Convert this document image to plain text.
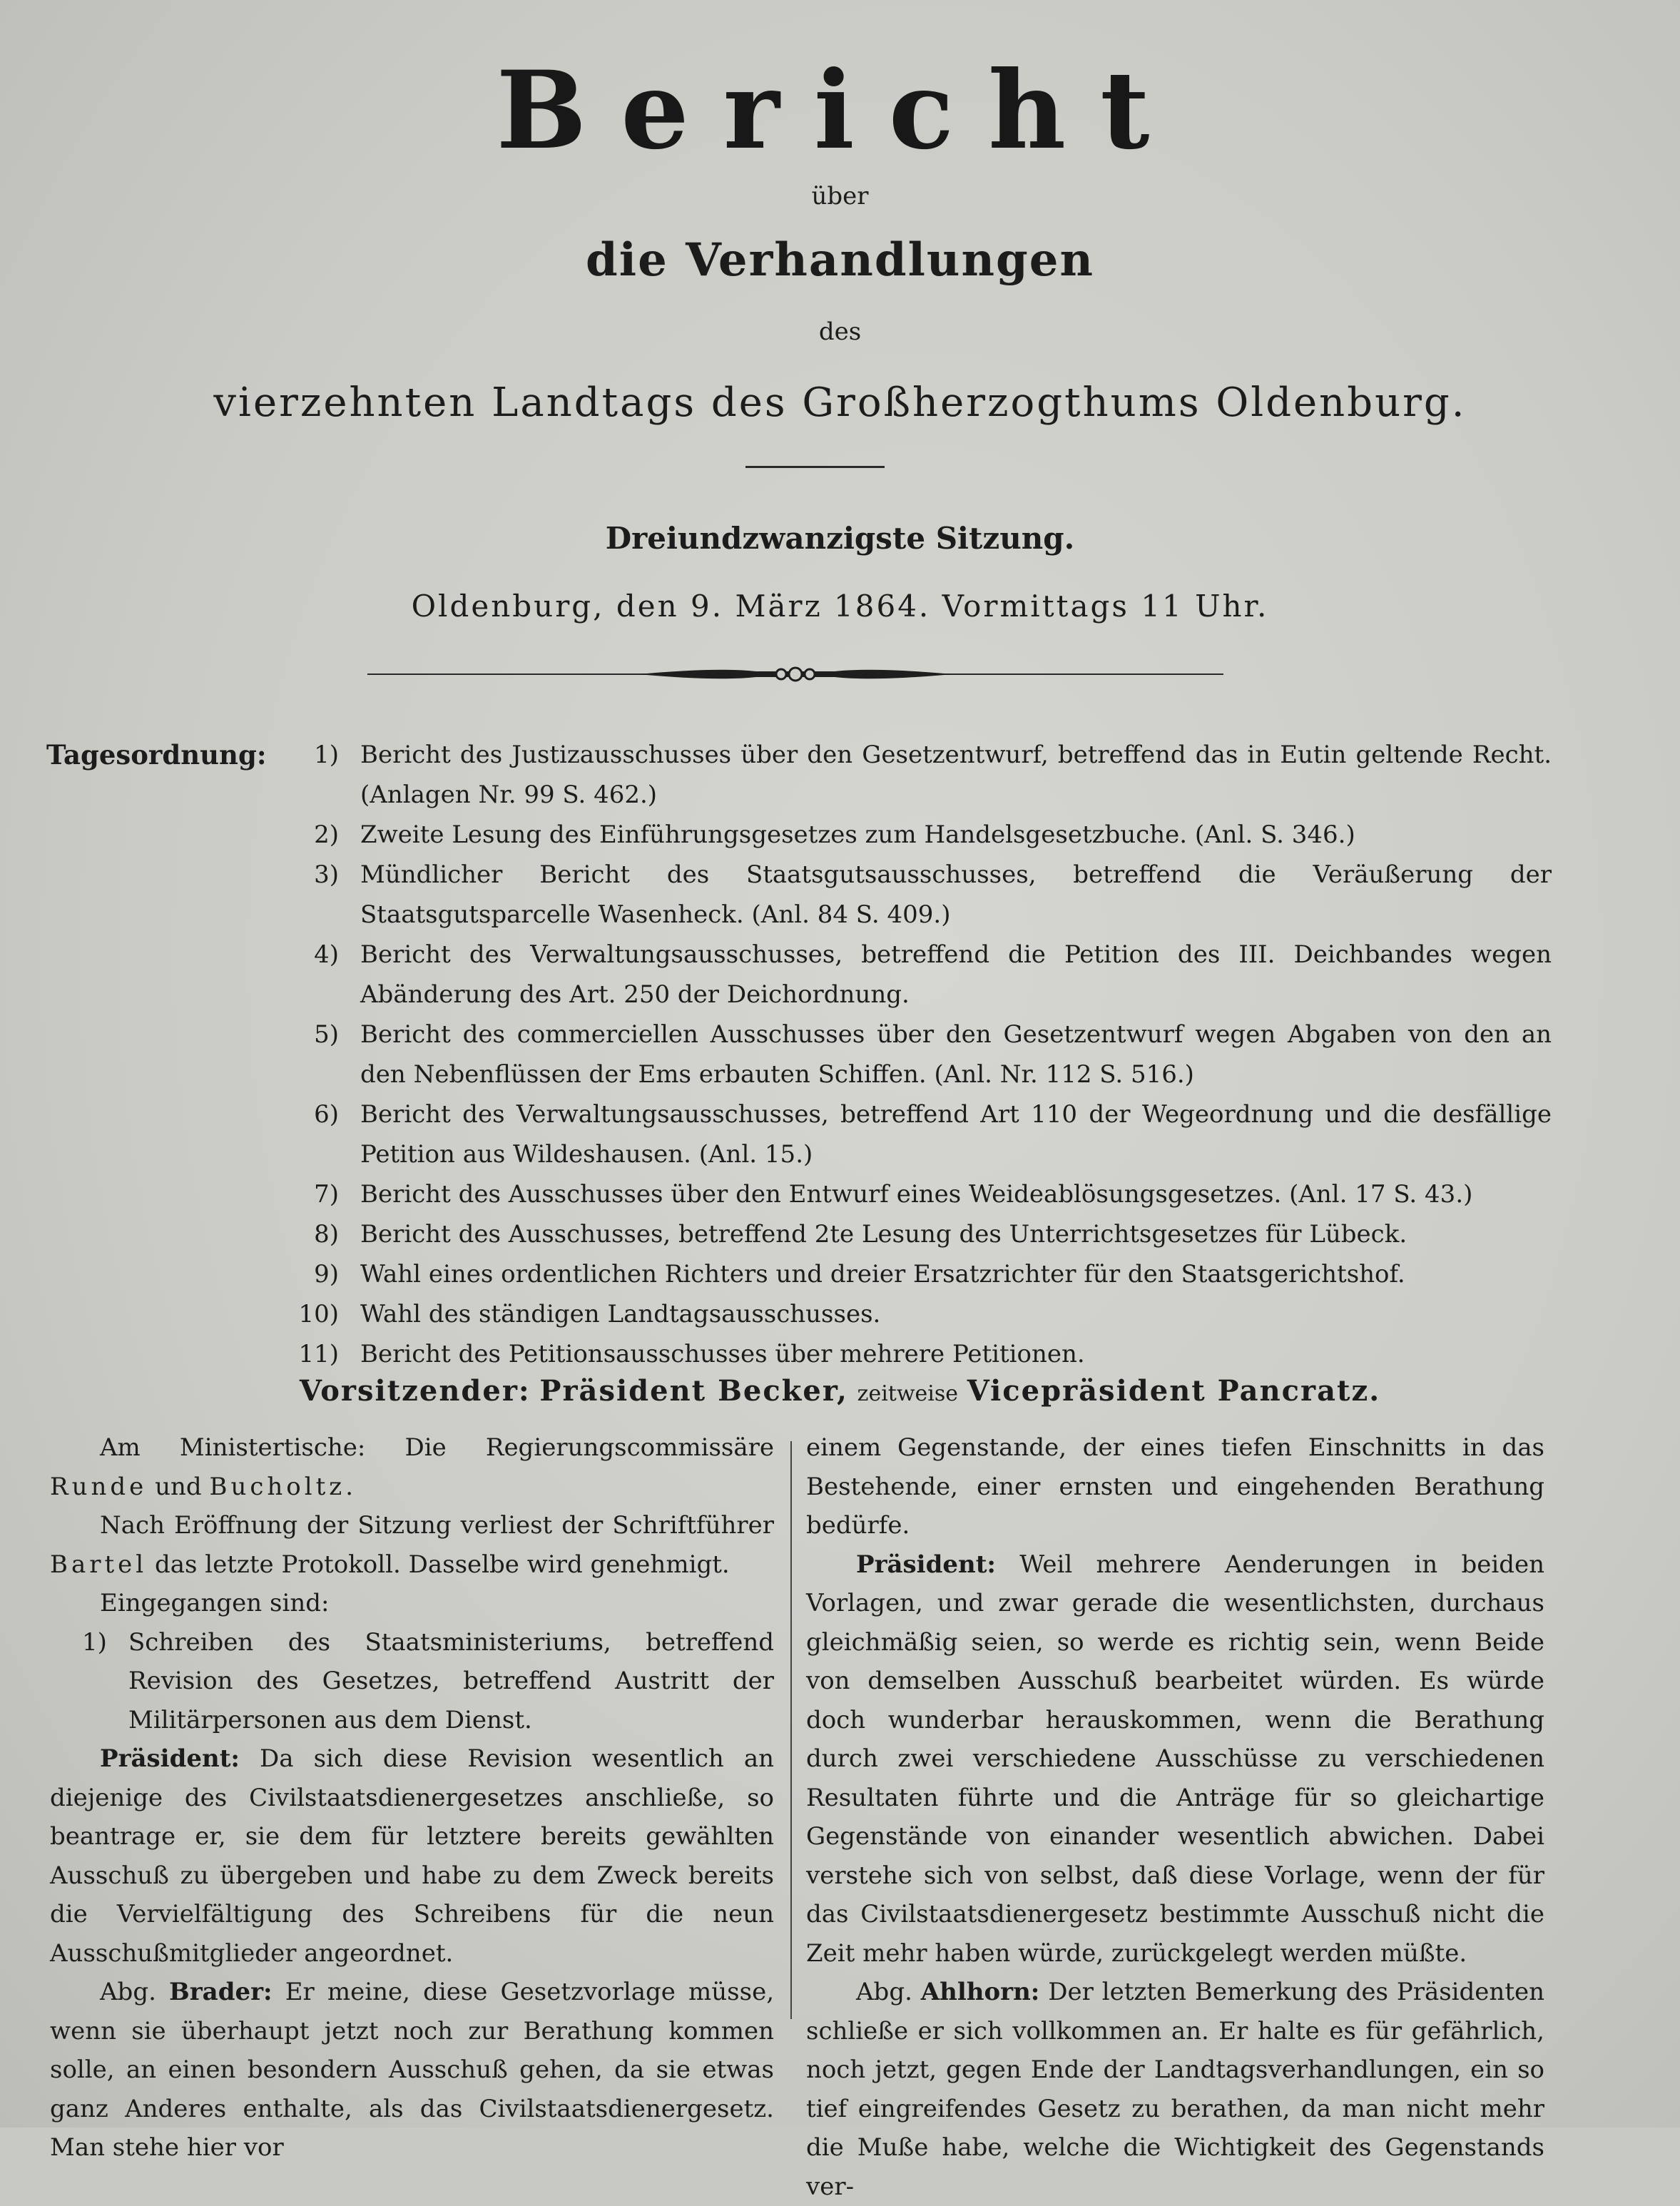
Bericht
über
die Verhandlungen
des
vierzehnten Landtags des Großherzogthums Oldenburg.
Dreiundzwanzigste Sitzung.
Oldenburg, den 9. März 1864. Vormittags 11 Uhr.
Tagesordnung:	1) Bericht des Justizausschusses über den Gesetzentwurf, betreffend das in Eutin geltende Recht. (Anlagen Nr. 99 S. 462.)
2) Zweite Lesung des Einführungsgesetzes zum Handelsgesetzbuche. (Anl. S. 346.)
3) Mündlicher Bericht des Staatsgutsausschusses, betreffend die Veräußerung der Staatsgutsparcelle Wasenheck. (Anl. 84 S. 409.)
4) Bericht des Verwaltungsausschusses, betreffend die Petition des III. Deichbandes wegen Abänderung des Art. 250 der Deichordnung.
5) Bericht des commerciellen Ausschusses über den Gesetzentwurf wegen Abgaben von den an den Nebenflüssen der Ems erbauten Schiffen. (Anl. Nr. 112 S. 516.)
6) Bericht des Verwaltungsausschusses, betreffend Art 110 der Wegeordnung und die desfällige Petition aus Wildeshausen. (Anl. 15.)
7) Bericht des Ausschusses über den Entwurf eines Weideablösungsgesetzes. (Anl. 17 S. 43.)
8) Bericht des Ausschusses, betreffend 2te Lesung des Unterrichtsgesetzes für Lübeck.
9) Wahl eines ordentlichen Richters und dreier Ersatzrichter für den Staatsgerichtshof.
10) Wahl des ständigen Landtagsausschusses.
11) Bericht des Petitionsausschusses über mehrere Petitionen.
Vorsitzender: Präsident Becker, zeitweise Vicepräsident Pancratz.

Am Ministertische: Die Regierungscommissäre Runde und Bucholtz.

Nach Eröffnung der Sitzung verliest der Schriftführer Bartel das letzte Protokoll. Dasselbe wird genehmigt.

Eingegangen sind:

1) Schreiben des Staatsministeriums, betreffend Revision des Gesetzes, betreffend Austritt der Militärpersonen aus dem Dienst.

Präsident: Da sich diese Revision wesentlich an diejenige des Civilstaatsdienergesetzes anschließe, so beantrage er, sie dem für letztere bereits gewählten Ausschuß zu übergeben und habe zu dem Zweck bereits die Vervielfältigung des Schreibens für die neun Ausschußmitglieder angeordnet.

Abg. Brader: Er meine, diese Gesetzvorlage müsse, wenn sie überhaupt jetzt noch zur Berathung kommen solle, an einen besondern Ausschuß gehen, da sie etwas ganz Anderes enthalte, als das Civilstaatsdienergesetz. Man stehe hier vor

einem Gegenstande, der eines tiefen Einschnitts in das Bestehende, einer ernsten und eingehenden Berathung bedürfe.

Präsident: Weil mehrere Aenderungen in beiden Vorlagen, und zwar gerade die wesentlichsten, durchaus gleichmäßig seien, so werde es richtig sein, wenn Beide von demselben Ausschuß bearbeitet würden. Es würde doch wunderbar herauskommen, wenn die Berathung durch zwei verschiedene Ausschüsse zu verschiedenen Resultaten führte und die Anträge für so gleichartige Gegenstände von einander wesentlich abwichen. Dabei verstehe sich von selbst, daß diese Vorlage, wenn der für das Civilstaatsdienergesetz bestimmte Ausschuß nicht die Zeit mehr haben würde, zurückgelegt werden müßte.

Abg. Ahlhorn: Der letzten Bemerkung des Präsidenten schließe er sich vollkommen an. Er halte es für gefährlich, noch jetzt, gegen Ende der Landtagsverhandlungen, ein so tief eingreifendes Gesetz zu berathen, da man nicht mehr die Muße habe, welche die Wichtigkeit des Gegenstands ver-
